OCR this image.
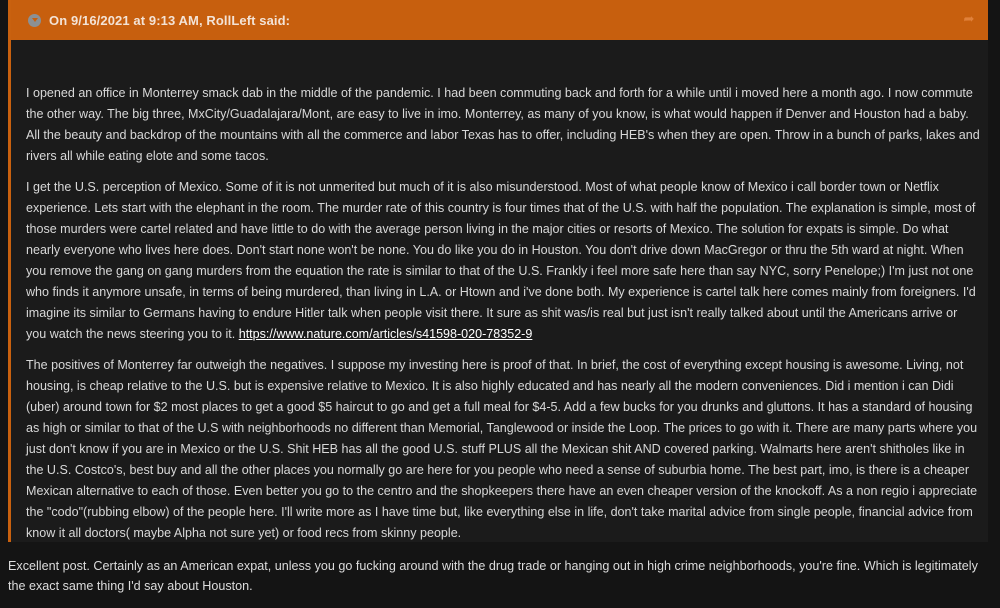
On 9/16/2021 at 9:13 AM, RollLeft said:	➦

I opened an office in Monterrey smack dab in the middle of the pandemic. I had been commuting back and forth for a while until i moved here a month ago. I now commute the other way. The big three, MxCity/Guadalajara/Mont, are easy to live in imo. Monterrey, as many of you know, is what would happen if Denver and Houston had a baby. All the beauty and backdrop of the mountains with all the commerce and labor Texas has to offer, including HEB's when they are open. Throw in a bunch of parks, lakes and rivers all while eating elote and some tacos.

I get the U.S. perception of Mexico. Some of it is not unmerited but much of it is also misunderstood. Most of what people know of Mexico i call border town or Netflix experience. Lets start with the elephant in the room. The murder rate of this country is four times that of the U.S. with half the population. The explanation is simple, most of those murders were cartel related and have little to do with the average person living in the major cities or resorts of Mexico. The solution for expats is simple. Do what nearly everyone who lives here does. Don't start none won't be none. You do like you do in Houston. You don't drive down MacGregor or thru the 5th ward at night. When you remove the gang on gang murders from the equation the rate is similar to that of the U.S. Frankly i feel more safe here than say NYC, sorry Penelope;) I'm just not one who finds it anymore unsafe, in terms of being murdered, than living in L.A. or Htown and i've done both. My experience is cartel talk here comes mainly from foreigners. I'd imagine its similar to Germans having to endure Hitler talk when people visit there. It sure as shit was/is real but just isn't really talked about until the Americans arrive or you watch the news steering you to it. https://www.nature.com/articles/s41598-020-78352-9

The positives of Monterrey far outweigh the negatives. I suppose my investing here is proof of that. In brief, the cost of everything except housing is awesome. Living, not housing, is cheap relative to the U.S. but is expensive relative to Mexico. It is also highly educated and has nearly all the modern conveniences. Did i mention i can Didi (uber) around town for $2 most places to get a good $5 haircut to go and get a full meal for $4-5. Add a few bucks for you drunks and gluttons. It has a standard of housing as high or similar to that of the U.S with neighborhoods no different than Memorial, Tanglewood or inside the Loop. The prices to go with it. There are many parts where you just don't know if you are in Mexico or the U.S. Shit HEB has all the good U.S. stuff PLUS all the Mexican shit AND covered parking. Walmarts here aren't shitholes like in the U.S. Costco's, best buy and all the other places you normally go are here for you people who need a sense of suburbia home. The best part, imo, is there is a cheaper Mexican alternative to each of those. Even better you go to the centro and the shopkeepers there have an even cheaper version of the knockoff. As a non regio i appreciate the "codo"(rubbing elbow) of the people here. I'll write more as I have time but, like everything else in life, don't take marital advice from single people, financial advice from know it all doctors( maybe Alpha not sure yet) or food recs from skinny people.

Excellent post. Certainly as an American expat, unless you go fucking around with the drug trade or hanging out in high crime neighborhoods, you're fine. Which is legitimately the exact same thing I'd say about Houston.
